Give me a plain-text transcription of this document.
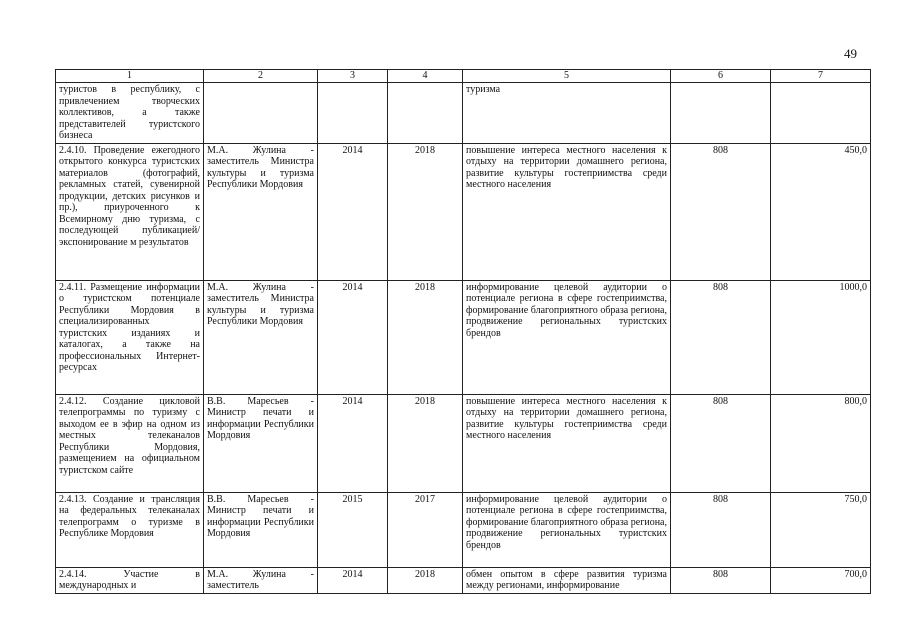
49
1	2	3	4	5	6	7
туристов в республику, с привлечением творческих коллективов, а также представителей туристского бизнеса				туризма		
2.4.10. Проведение ежегодного открытого конкурса туристских материалов (фотографий, рекламных статей, сувенирной продукции, детских рисунков и пр.), приуроченного к Всемирному дню туризма, с последующей публикацией/экспонирование м результатов	М.А. Жулина - заместитель Министра культуры и туризма Республики Мордовия	2014	2018	повышение интереса местного населения к отдыху на территории домашнего региона, развитие культуры гостеприимства среди местного населения	808	450,0
2.4.11. Размещение информации о туристском потенциале Республики Мордовия в специализированных туристских изданиях и каталогах, а также на профессиональных Интернет-ресурсах	М.А. Жулина - заместитель Министра культуры и туризма Республики Мордовия	2014	2018	информирование целевой аудитории о потенциале региона в сфере гостеприимства, формирование благоприятного образа региона, продвижение региональных туристских брендов	808	1000,0
2.4.12. Создание цикловой телепрограммы по туризму с выходом ее в эфир на одном из местных телеканалов Республики Мордовия, размещением на официальном туристском сайте	В.В. Маресьев - Министр печати и информации Республики Мордовия	2014	2018	повышение интереса местного населения к отдыху на территории домашнего региона, развитие культуры гостеприимства среди местного населения	808	800,0
2.4.13. Создание и трансляция на федеральных телеканалах телепрограмм о туризме в Республике Мордовия	В.В. Маресьев - Министр печати и информации Республики Мордовия	2015	2017	информирование целевой аудитории о потенциале региона в сфере гостеприимства, формирование благоприятного образа региона, продвижение региональных туристских брендов	808	750,0
2.4.14. Участие в международных и	М.А. Жулина - заместитель	2014	2018	обмен опытом в сфере развития туризма между регионами, информирование	808	700,0
